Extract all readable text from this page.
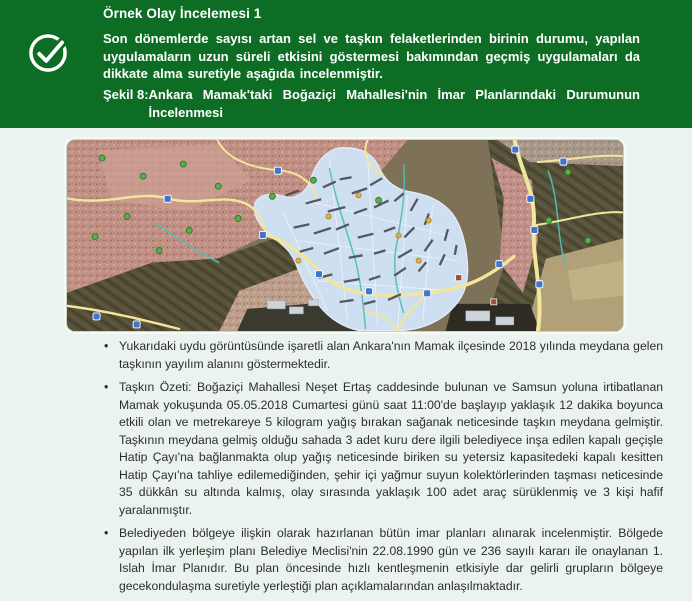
Örnek Olay İncelemesi 1
Son dönemlerde sayısı artan sel ve taşkın felaketlerinden birinin durumu, yapılan uygulamaların uzun süreli etkisini göstermesi bakımından geçmiş uygulamaları da dikkate alma suretiyle aşağıda incelenmiştir.
Şekil 8: Ankara Mamak'taki Boğaziçi Mahallesi'nin İmar Planlarındaki Durumunun
İncelenmesi
• Yukarıdaki uydu görüntüsünde işaretli alan Ankara'nın Mamak ilçesinde 2018 yılında meydana gelen taşkının yayılım alanını göstermektedir.
• Taşkın Özeti: Boğaziçi Mahallesi Neşet Ertaş caddesinde bulunan ve Samsun yoluna irtibatlanan Mamak yokuşunda 05.05.2018 Cumartesi günü saat 11:00'de başlayıp yaklaşık 12 dakika boyunca etkili olan ve metrekareye 5 kilogram yağış bırakan sağanak neticesinde taşkın meydana gelmiştir. Taşkının meydana gelmiş olduğu sahada 3 adet kuru dere ilgili belediyece inşa edilen kapalı geçişle Hatip Çayı'na bağlanmakta olup yağış neticesinde biriken su yetersiz kapasitedeki kapalı kesitten Hatip Çayı'na tahliye edilemediğinden, şehir içi yağmur suyun kolektörlerinden taşması neticesinde 35 dükkân su altında kalmış, olay sırasında yaklaşık 100 adet araç sürüklenmiş ve 3 kişi hafif yaralanmıştır.
• Belediyeden bölgeye ilişkin olarak hazırlanan bütün imar planları alınarak incelenmiştir. Bölgede yapılan ilk yerleşim planı Belediye Meclisi'nin 22.08.1990 gün ve 236 sayılı kararı ile onaylanan 1. Islah İmar Planıdır. Bu plan öncesinde hızlı kentleşmenin etkisiyle dar gelirli grupların bölgeye gecekondulaşma suretiyle yerleştiği plan açıklamalarından anlaşılmaktadır.
